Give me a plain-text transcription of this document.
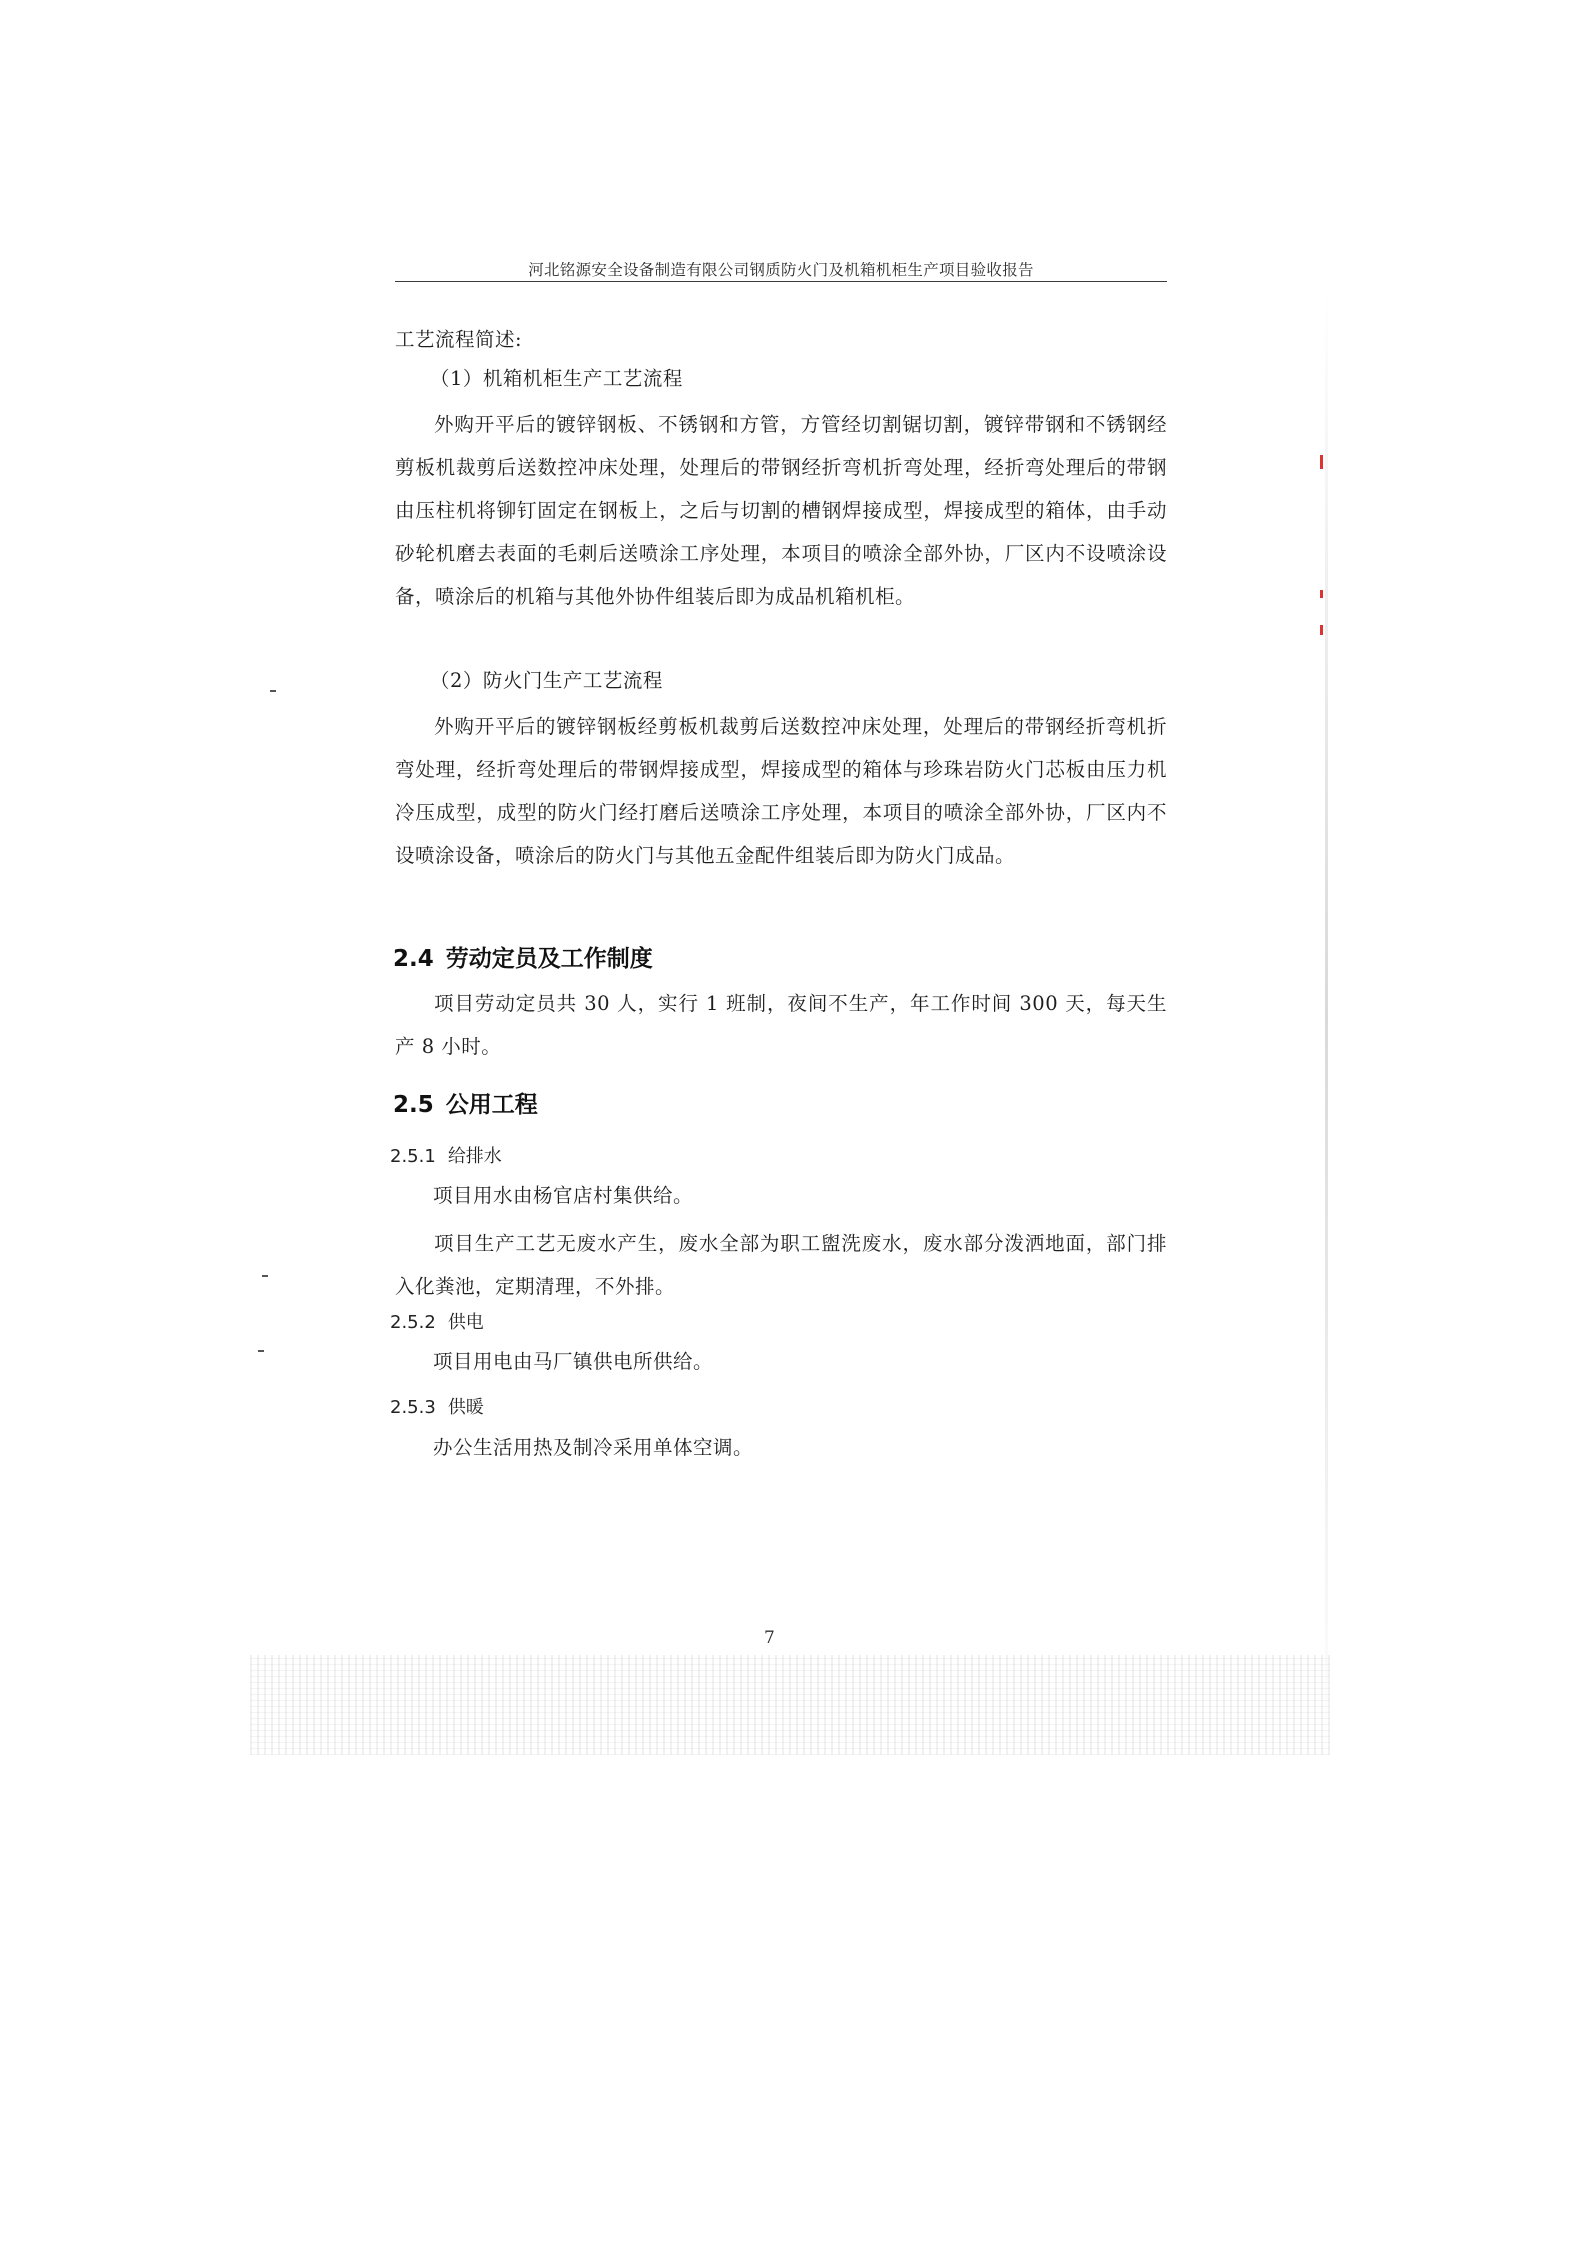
河北铭源安全设备制造有限公司钢质防火门及机箱机柜生产项目验收报告
工艺流程简述:
（1）机箱机柜生产工艺流程
外购开平后的镀锌钢板、不锈钢和方管，方管经切割锯切割，镀锌带钢和不锈钢经剪板机裁剪后送数控冲床处理，处理后的带钢经折弯机折弯处理，经折弯处理后的带钢由压柱机将铆钉固定在钢板上，之后与切割的槽钢焊接成型，焊接成型的箱体，由手动砂轮机磨去表面的毛刺后送喷涂工序处理，本项目的喷涂全部外协，厂区内不设喷涂设备，喷涂后的机箱与其他外协件组装后即为成品机箱机柜。
（2）防火门生产工艺流程
外购开平后的镀锌钢板经剪板机裁剪后送数控冲床处理，处理后的带钢经折弯机折弯处理，经折弯处理后的带钢焊接成型，焊接成型的箱体与珍珠岩防火门芯板由压力机冷压成型，成型的防火门经打磨后送喷涂工序处理，本项目的喷涂全部外协，厂区内不设喷涂设备，喷涂后的防火门与其他五金配件组装后即为防火门成品。
2.4 劳动定员及工作制度
项目劳动定员共 30 人，实行 1 班制，夜间不生产，年工作时间 300 天，每天生产 8 小时。
2.5 公用工程
2.5.1 给排水
项目用水由杨官店村集供给。
项目生产工艺无废水产生，废水全部为职工盥洗废水，废水部分泼洒地面，部门排入化粪池，定期清理，不外排。
2.5.2 供电
项目用电由马厂镇供电所供给。
2.5.3 供暖
办公生活用热及制冷采用单体空调。
7
